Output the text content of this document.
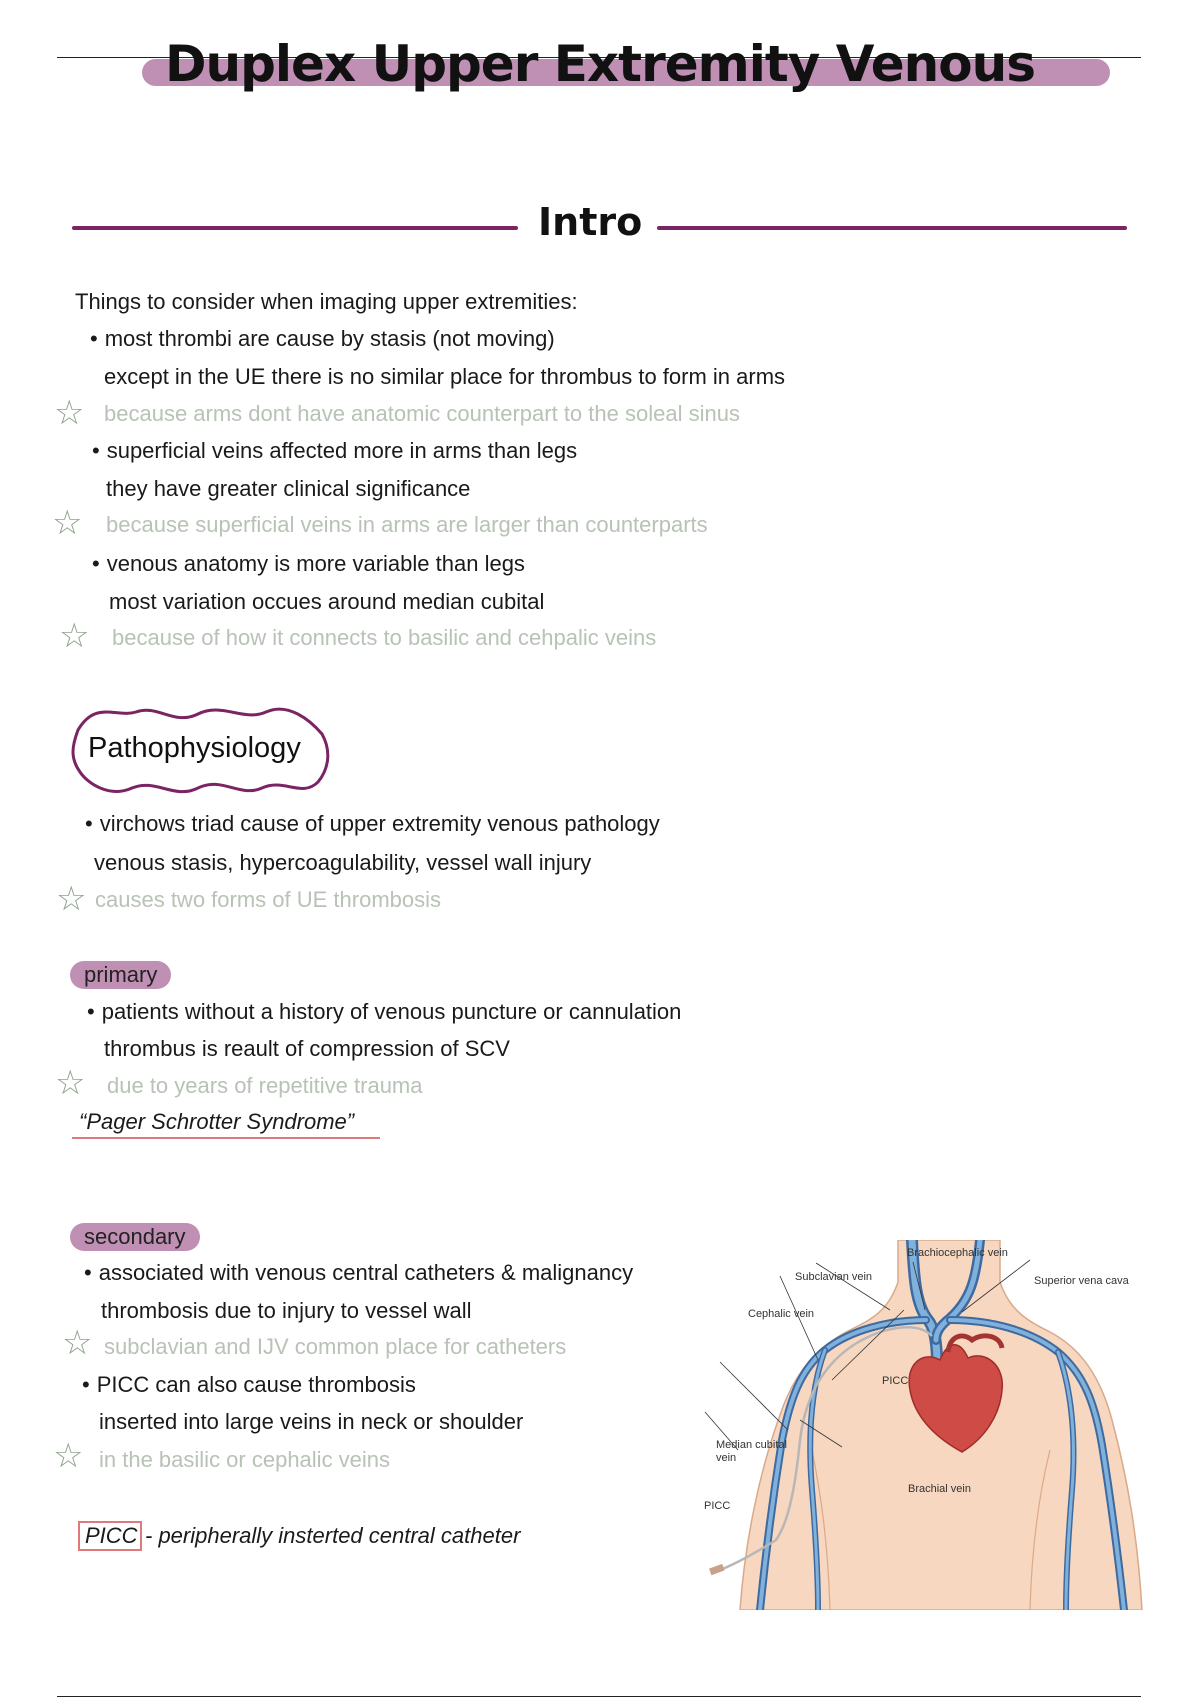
Duplex Upper Extremity Venous
Intro
Things to consider when imaging upper extremities:
• most thrombi are cause by stasis (not moving)
except in the UE there is no similar place for thrombus to form in arms
☆ because arms dont have anatomic counterpart to the soleal sinus
• superficial veins affected more in arms than legs
they have greater clinical significance
☆ because superficial veins in arms are larger than counterparts
• venous anatomy is more variable than legs
most variation occues around median cubital
☆ because of how it connects to basilic and cehpalic veins
Pathophysiology
• virchows triad cause of upper extremity venous pathology
venous stasis, hypercoagulability, vessel wall injury
☆ causes two forms of UE thrombosis
primary
• patients without a history of venous puncture or cannulation
thrombus is reault of compression of SCV
☆ due to years of repetitive trauma
“Pager Schrotter Syndrome”
secondary
• associated with venous central catheters & malignancy
thrombosis due to injury to vessel wall
☆ subclavian and IJV common place for catheters
• PICC can also cause thrombosis
inserted into large veins in neck or shoulder
☆ in the basilic or cephalic veins
PICC - peripherally insterted central catheter
Brachiocephalic vein
Subclavian vein	Superior vena cava
Cephalic vein
PICC
Median cubital vein
Brachial vein
PICC
